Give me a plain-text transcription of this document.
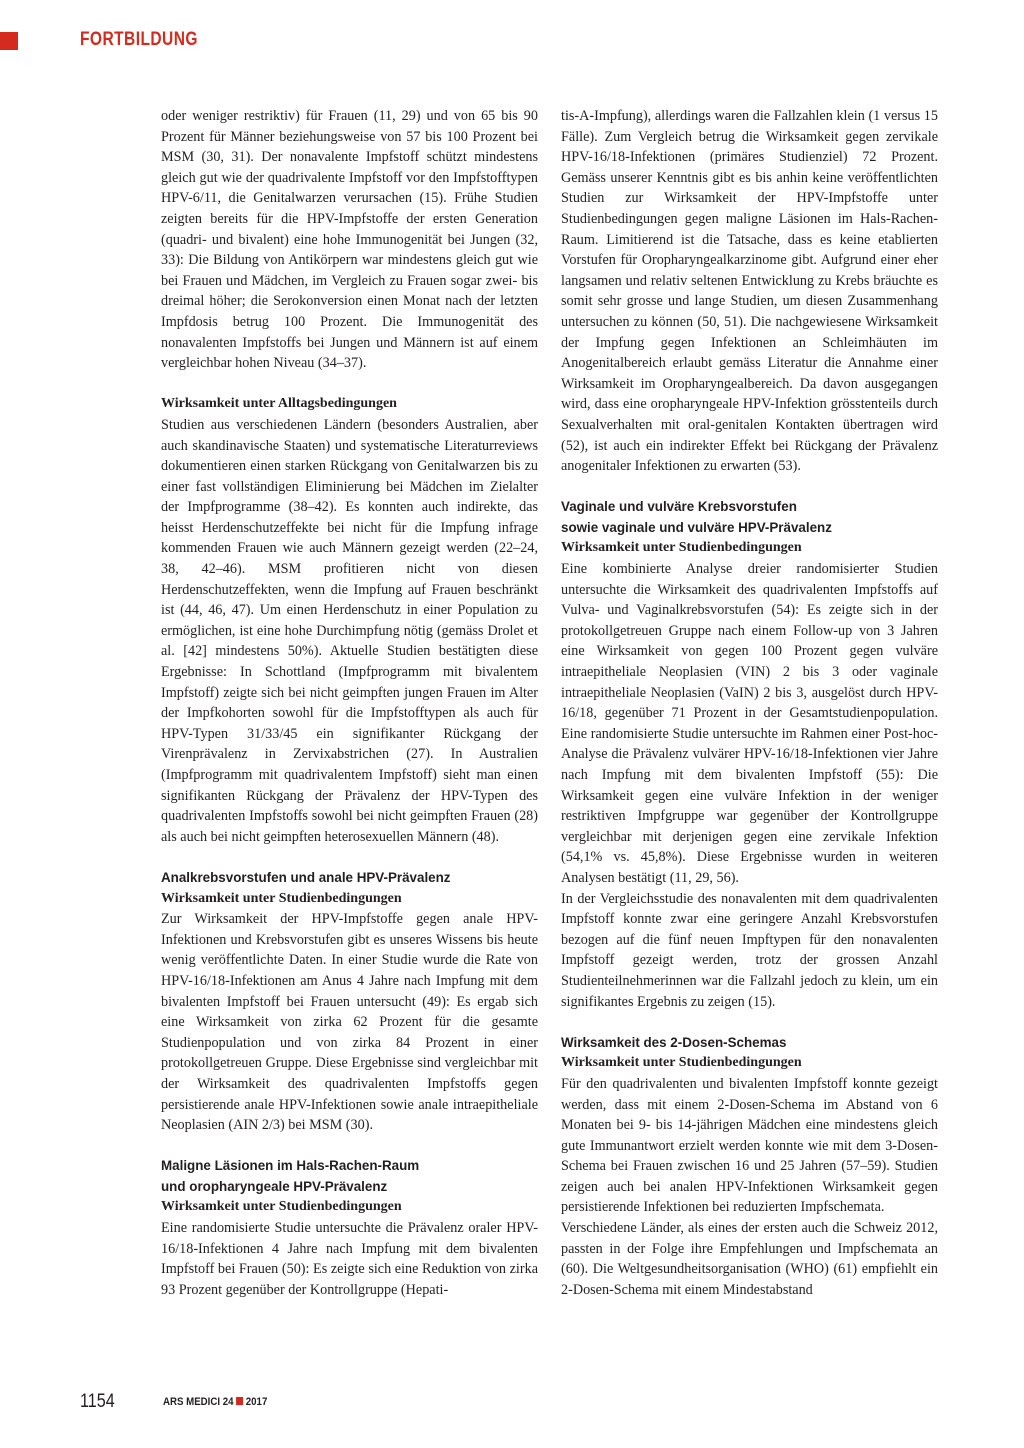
FORTBILDUNG

oder weniger restriktiv) für Frauen (11, 29) und von 65 bis 90 Prozent für Männer beziehungsweise von 57 bis 100 Prozent bei MSM (30, 31). Der nonavalente Impfstoff schützt mindestens gleich gut wie der quadrivalente Impfstoff vor den Impfstofftypen HPV-6/11, die Genitalwarzen verursachen (15). Frühe Studien zeigten bereits für die HPV-Impfstoffe der ersten Generation (quadri- und bivalent) eine hohe Immunogenität bei Jungen (32, 33): Die Bildung von Antikörpern war mindestens gleich gut wie bei Frauen und Mädchen, im Vergleich zu Frauen sogar zwei- bis dreimal höher; die Serokonversion einen Monat nach der letzten Impfdosis betrug 100 Prozent. Die Immunogenität des nonavalenten Impfstoffs bei Jungen und Männern ist auf einem vergleichbar hohen Niveau (34–37).

Wirksamkeit unter Alltagsbedingungen

Studien aus verschiedenen Ländern (besonders Australien, aber auch skandinavische Staaten) und systematische Literaturreviews dokumentieren einen starken Rückgang von Genitalwarzen bis zu einer fast vollständigen Eliminierung bei Mädchen im Zielalter der Impfprogramme (38–42). Es konnten auch indirekte, das heisst Herdenschutzeffekte bei nicht für die Impfung infrage kommenden Frauen wie auch Männern gezeigt werden (22–24, 38, 42–46). MSM profitieren nicht von diesen Herdenschutzeffekten, wenn die Impfung auf Frauen beschränkt ist (44, 46, 47). Um einen Herdenschutz in einer Population zu ermöglichen, ist eine hohe Durchimpfung nötig (gemäss Drolet et al. [42] mindestens 50%). Aktuelle Studien bestätigten diese Ergebnisse: In Schottland (Impfprogramm mit bivalentem Impfstoff) zeigte sich bei nicht geimpften jungen Frauen im Alter der Impfkohorten sowohl für die Impfstofftypen als auch für HPV-Typen 31/33/45 ein signifikanter Rückgang der Virenprävalenz in Zervixabstrichen (27). In Australien (Impfprogramm mit quadrivalentem Impfstoff) sieht man einen signifikanten Rückgang der Prävalenz der HPV-Typen des quadrivalenten Impfstoffs sowohl bei nicht geimpften Frauen (28) als auch bei nicht geimpften heterosexuellen Männern (48).

Analkrebsvorstufen und anale HPV-Prävalenz

Wirksamkeit unter Studienbedingungen

Zur Wirksamkeit der HPV-Impfstoffe gegen anale HPV-Infektionen und Krebsvorstufen gibt es unseres Wissens bis heute wenig veröffentlichte Daten. In einer Studie wurde die Rate von HPV-16/18-Infektionen am Anus 4 Jahre nach Impfung mit dem bivalenten Impfstoff bei Frauen untersucht (49): Es ergab sich eine Wirksamkeit von zirka 62 Prozent für die gesamte Studienpopulation und von zirka 84 Prozent in einer protokollgetreuen Gruppe. Diese Ergebnisse sind vergleichbar mit der Wirksamkeit des quadrivalenten Impfstoffs gegen persistierende anale HPV-Infektionen sowie anale intraepitheliale Neoplasien (AIN 2/3) bei MSM (30).

Maligne Läsionen im Hals-Rachen-Raum

und oropharyngeale HPV-Prävalenz

Wirksamkeit unter Studienbedingungen

Eine randomisierte Studie untersuchte die Prävalenz oraler HPV-16/18-Infektionen 4 Jahre nach Impfung mit dem bivalenten Impfstoff bei Frauen (50): Es zeigte sich eine Reduktion von zirka 93 Prozent gegenüber der Kontrollgruppe (Hepati-

tis-A-Impfung), allerdings waren die Fallzahlen klein (1 versus 15 Fälle). Zum Vergleich betrug die Wirksamkeit gegen zervikale HPV-16/18-Infektionen (primäres Studienziel) 72 Prozent. Gemäss unserer Kenntnis gibt es bis anhin keine veröffentlichten Studien zur Wirksamkeit der HPV-Impfstoffe unter Studienbedingungen gegen maligne Läsionen im Hals-Rachen-Raum. Limitierend ist die Tatsache, dass es keine etablierten Vorstufen für Oropharyngealkarzinome gibt. Aufgrund einer eher langsamen und relativ seltenen Entwicklung zu Krebs bräuchte es somit sehr grosse und lange Studien, um diesen Zusammenhang untersuchen zu können (50, 51). Die nachgewiesene Wirksamkeit der Impfung gegen Infektionen an Schleimhäuten im Anogenitalbereich erlaubt gemäss Literatur die Annahme einer Wirksamkeit im Oropharyngealbereich. Da davon ausgegangen wird, dass eine oropharyngeale HPV-Infektion grösstenteils durch Sexualverhalten mit oral-genitalen Kontakten übertragen wird (52), ist auch ein indirekter Effekt bei Rückgang der Prävalenz anogenitaler Infektionen zu erwarten (53).

Vaginale und vulväre Krebsvorstufen

sowie vaginale und vulväre HPV-Prävalenz

Wirksamkeit unter Studienbedingungen

Eine kombinierte Analyse dreier randomisierter Studien untersuchte die Wirksamkeit des quadrivalenten Impfstoffs auf Vulva- und Vaginalkrebsvorstufen (54): Es zeigte sich in der protokollgetreuen Gruppe nach einem Follow-up von 3 Jahren eine Wirksamkeit von gegen 100 Prozent gegen vulväre intraepitheliale Neoplasien (VIN) 2 bis 3 oder vaginale intraepitheliale Neoplasien (VaIN) 2 bis 3, ausgelöst durch HPV-16/18, gegenüber 71 Prozent in der Gesamtstudienpopulation. Eine randomisierte Studie untersuchte im Rahmen einer Post-hoc-Analyse die Prävalenz vulvärer HPV-16/18-Infektionen vier Jahre nach Impfung mit dem bivalenten Impfstoff (55): Die Wirksamkeit gegen eine vulväre Infektion in der weniger restriktiven Impfgruppe war gegenüber der Kontrollgruppe vergleichbar mit derjenigen gegen eine zervikale Infektion (54,1% vs. 45,8%). Diese Ergebnisse wurden in weiteren Analysen bestätigt (11, 29, 56).

In der Vergleichsstudie des nonavalenten mit dem quadrivalenten Impfstoff konnte zwar eine geringere Anzahl Krebsvorstufen bezogen auf die fünf neuen Impftypen für den nonavalenten Impfstoff gezeigt werden, trotz der grossen Anzahl Studienteilnehmerinnen war die Fallzahl jedoch zu klein, um ein signifikantes Ergebnis zu zeigen (15).

Wirksamkeit des 2-Dosen-Schemas

Wirksamkeit unter Studienbedingungen

Für den quadrivalenten und bivalenten Impfstoff konnte gezeigt werden, dass mit einem 2-Dosen-Schema im Abstand von 6 Monaten bei 9- bis 14-jährigen Mädchen eine mindestens gleich gute Immunantwort erzielt werden konnte wie mit dem 3-Dosen-Schema bei Frauen zwischen 16 und 25 Jahren (57–59). Studien zeigen auch bei analen HPV-Infektionen Wirksamkeit gegen persistierende Infektionen bei reduzierten Impfschemata.

Verschiedene Länder, als eines der ersten auch die Schweiz 2012, passten in der Folge ihre Empfehlungen und Impfschemata an (60). Die Weltgesundheitsorganisation (WHO) (61) empfiehlt ein 2-Dosen-Schema mit einem Mindestabstand

1154	ARS MEDICI 24 2017
